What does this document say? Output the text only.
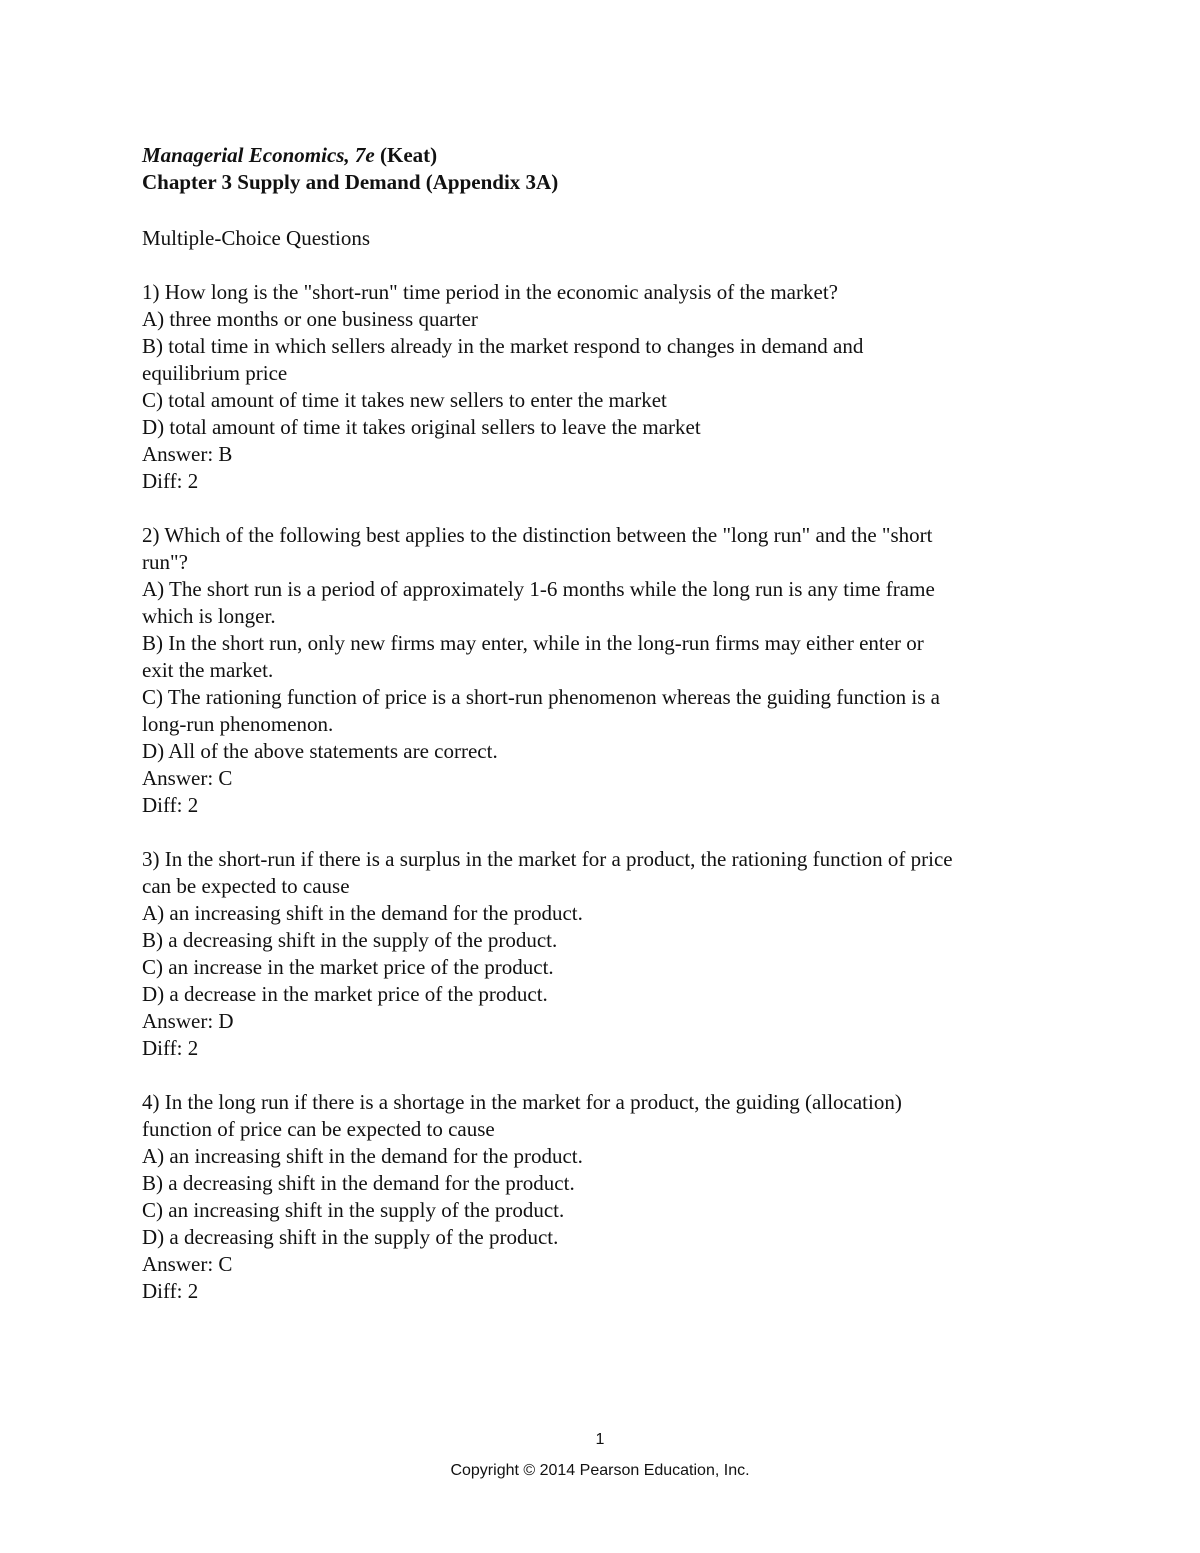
Managerial Economics, 7e (Keat)
Chapter 3 Supply and Demand (Appendix 3A)
Multiple-Choice Questions
1) How long is the "short-run" time period in the economic analysis of the market?
A) three months or one business quarter
B) total time in which sellers already in the market respond to changes in demand and
equilibrium price
C) total amount of time it takes new sellers to enter the market
D) total amount of time it takes original sellers to leave the market
Answer: B
Diff: 2
2) Which of the following best applies to the distinction between the "long run" and the "short
run"?
A) The short run is a period of approximately 1-6 months while the long run is any time frame
which is longer.
B) In the short run, only new firms may enter, while in the long-run firms may either enter or
exit the market.
C) The rationing function of price is a short-run phenomenon whereas the guiding function is a
long-run phenomenon.
D) All of the above statements are correct.
Answer: C
Diff: 2
3) In the short-run if there is a surplus in the market for a product, the rationing function of price
can be expected to cause
A) an increasing shift in the demand for the product.
B) a decreasing shift in the supply of the product.
C) an increase in the market price of the product.
D) a decrease in the market price of the product.
Answer: D
Diff: 2
4) In the long run if there is a shortage in the market for a product, the guiding (allocation)
function of price can be expected to cause
A) an increasing shift in the demand for the product.
B) a decreasing shift in the demand for the product.
C) an increasing shift in the supply of the product.
D) a decreasing shift in the supply of the product.
Answer: C
Diff: 2
1
Copyright © 2014 Pearson Education, Inc.
